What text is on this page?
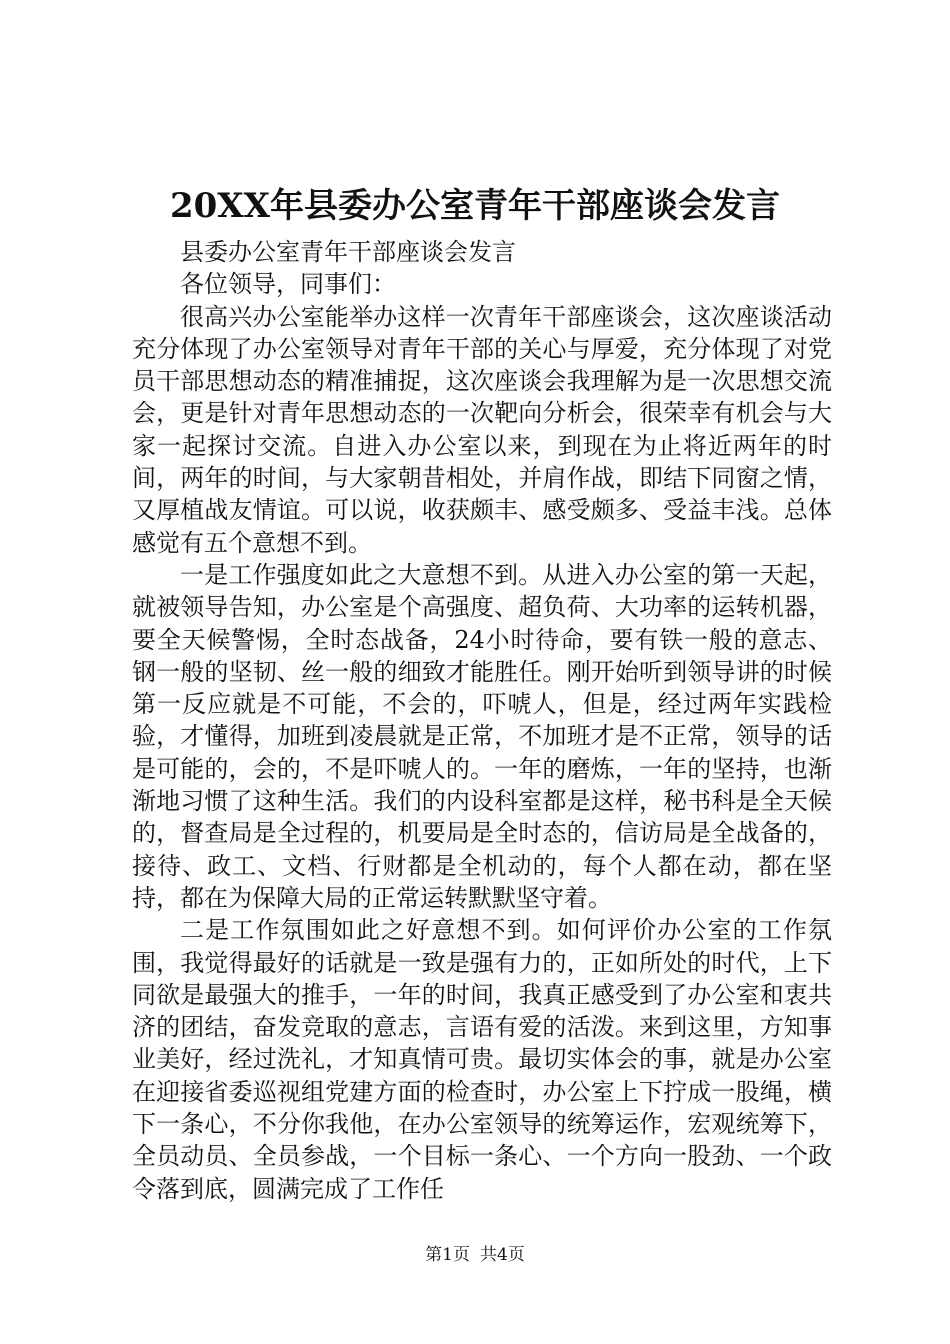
20XX年县委办公室青年干部座谈会发言

县委办公室青年干部座谈会发言

各位领导，同事们：

很高兴办公室能举办这样一次青年干部座谈会，这次座谈活动充分体现了办公室领导对青年干部的关心与厚爱，充分体现了对党员干部思想动态的精准捕捉，这次座谈会我理解为是一次思想交流会，更是针对青年思想动态的一次靶向分析会，很荣幸有机会与大家一起探讨交流。自进入办公室以来，到现在为止将近两年的时间，两年的时间，与大家朝昔相处，并肩作战，即结下同窗之情，又厚植战友情谊。可以说，收获颇丰、感受颇多、受益丰浅。总体感觉有五个意想不到。

一是工作强度如此之大意想不到。从进入办公室的第一天起，就被领导告知，办公室是个高强度、超负荷、大功率的运转机器，要全天候警惕，全时态战备，24小时待命，要有铁一般的意志、钢一般的坚韧、丝一般的细致才能胜任。刚开始听到领导讲的时候第一反应就是不可能，不会的，吓唬人，但是，经过两年实践检验，才懂得，加班到凌晨就是正常，不加班才是不正常，领导的话是可能的，会的，不是吓唬人的。一年的磨炼，一年的坚持，也渐渐地习惯了这种生活。我们的内设科室都是这样，秘书科是全天候的，督查局是全过程的，机要局是全时态的，信访局是全战备的，接待、政工、文档、行财都是全机动的，每个人都在动，都在坚持，都在为保障大局的正常运转默默坚守着。

二是工作氛围如此之好意想不到。如何评价办公室的工作氛围，我觉得最好的话就是一致是强有力的，正如所处的时代，上下同欲是最强大的推手，一年的时间，我真正感受到了办公室和衷共济的团结，奋发竞取的意志，言语有爱的活泼。来到这里，方知事业美好，经过洗礼，才知真情可贵。最切实体会的事，就是办公室在迎接省委巡视组党建方面的检查时，办公室上下拧成一股绳，横下一条心，不分你我他，在办公室领导的统筹运作，宏观统筹下，全员动员、全员参战，一个目标一条心、一个方向一股劲、一个政令落到底，圆满完成了工作任

第1页 共4页
